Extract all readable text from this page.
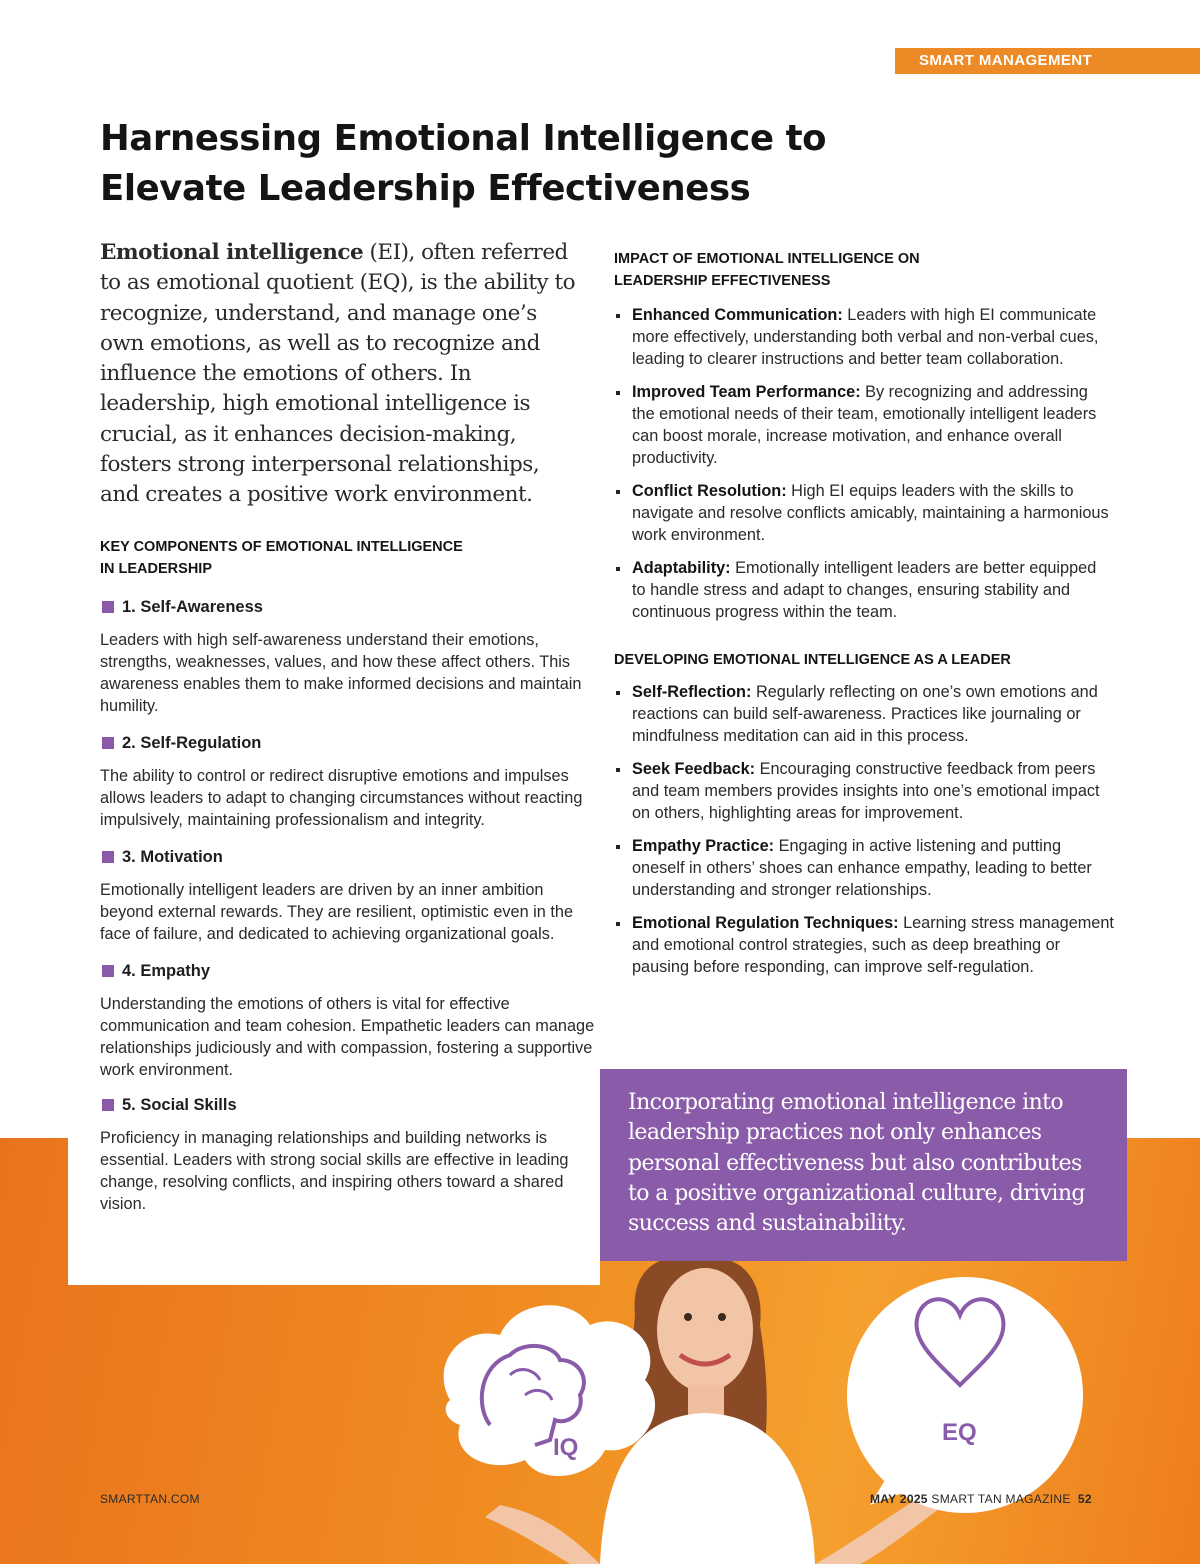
SMART MANAGEMENT
Harnessing Emotional Intelligence to Elevate Leadership Effectiveness
IQ
EQ

Emotional intelligence (EI), often referred to as emotional quotient (EQ), is the ability to recognize, understand, and manage one’s own emotions, as well as to recognize and influence the emotions of others. In leadership, high emotional intelligence is crucial, as it enhances decision-making, fosters strong interpersonal relationships, and creates a positive work environment.

KEY COMPONENTS OF EMOTIONAL INTELLIGENCE
IN LEADERSHIP

1. Self-Awareness

Leaders with high self-awareness understand their emotions, strengths, weaknesses, values, and how these affect others. This awareness enables them to make informed decisions and maintain humility.

2. Self-Regulation

The ability to control or redirect disruptive emotions and impulses allows leaders to adapt to changing circumstances without reacting impulsively, maintaining professionalism and integrity.

3. Motivation

Emotionally intelligent leaders are driven by an inner ambition beyond external rewards. They are resilient, optimistic even in the face of failure, and dedicated to achieving organizational goals.

4. Empathy

Understanding the emotions of others is vital for effective communication and team cohesion. Empathetic leaders can manage relationships judiciously and with compassion, fostering a supportive work environment.

5. Social Skills

Proficiency in managing relationships and building networks is essential. Leaders with strong social skills are effective in leading change, resolving conflicts, and inspiring others toward a shared vision.

IMPACT OF EMOTIONAL INTELLIGENCE ON
LEADERSHIP EFFECTIVENESS

Enhanced Communication: Leaders with high EI communicate more effectively, understanding both verbal and non-verbal cues, leading to clearer instructions and better team collaboration.
Improved Team Performance: By recognizing and addressing the emotional needs of their team, emotionally intelligent leaders can boost morale, increase motivation, and enhance overall productivity.
Conflict Resolution: High EI equips leaders with the skills to navigate and resolve conflicts amicably, maintaining a harmonious work environment.
Adaptability: Emotionally intelligent leaders are better equipped to handle stress and adapt to changes, ensuring stability and continuous progress within the team.

DEVELOPING EMOTIONAL INTELLIGENCE AS A LEADER

Self-Reflection: Regularly reflecting on one’s own emotions and reactions can build self-awareness. Practices like journaling or mindfulness meditation can aid in this process.
Seek Feedback: Encouraging constructive feedback from peers and team members provides insights into one’s emotional impact on others, highlighting areas for improvement.
Empathy Practice: Engaging in active listening and putting oneself in others’ shoes can enhance empathy, leading to better understanding and stronger relationships.
Emotional Regulation Techniques: Learning stress management and emotional control strategies, such as deep breathing or pausing before responding, can improve self-regulation.

Incorporating emotional intelligence into leadership practices not only enhances personal effectiveness but also contributes to a positive organizational culture, driving success and sustainability.

SMARTTAN.COM	MAY 2025 SMART TAN MAGAZINE 52
